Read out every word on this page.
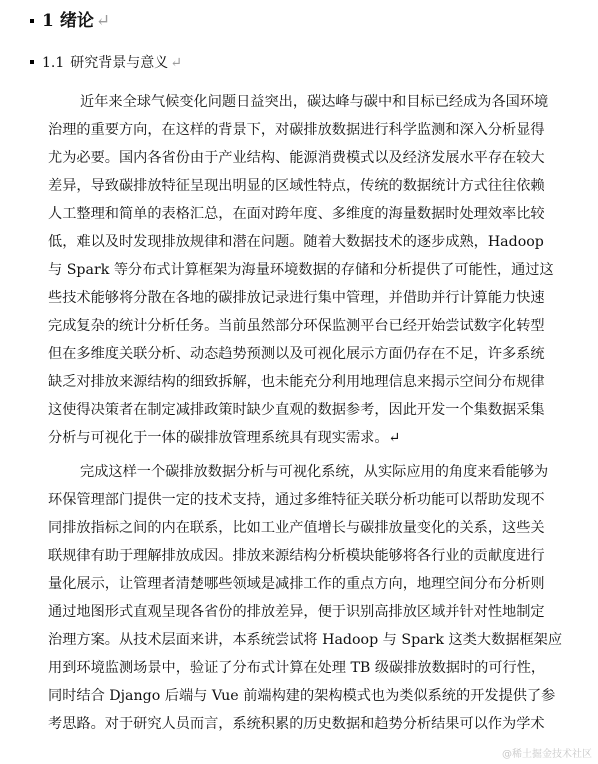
1 绪论 ↵
1.1 研究背景与意义 ↵
近年来全球气候变化问题日益突出，碳达峰与碳中和目标已经成为各国环境
治理的重要方向，在这样的背景下，对碳排放数据进行科学监测和深入分析显得
尤为必要。国内各省份由于产业结构、能源消费模式以及经济发展水平存在较大
差异，导致碳排放特征呈现出明显的区域性特点，传统的数据统计方式往往依赖
人工整理和简单的表格汇总，在面对跨年度、多维度的海量数据时处理效率比较
低，难以及时发现排放规律和潜在问题。随着大数据技术的逐步成熟，Hadoop
与 Spark 等分布式计算框架为海量环境数据的存储和分析提供了可能性，通过这
些技术能够将分散在各地的碳排放记录进行集中管理，并借助并行计算能力快速
完成复杂的统计分析任务。当前虽然部分环保监测平台已经开始尝试数字化转型
但在多维度关联分析、动态趋势预测以及可视化展示方面仍存在不足，许多系统
缺乏对排放来源结构的细致拆解，也未能充分利用地理信息来揭示空间分布规律
这使得决策者在制定减排政策时缺少直观的数据参考，因此开发一个集数据采集
分析与可视化于一体的碳排放管理系统具有现实需求。↵
完成这样一个碳排放数据分析与可视化系统，从实际应用的角度来看能够为
环保管理部门提供一定的技术支持，通过多维特征关联分析功能可以帮助发现不
同排放指标之间的内在联系，比如工业产值增长与碳排放量变化的关系，这些关
联规律有助于理解排放成因。排放来源结构分析模块能够将各行业的贡献度进行
量化展示，让管理者清楚哪些领域是减排工作的重点方向，地理空间分布分析则
通过地图形式直观呈现各省份的排放差异，便于识别高排放区域并针对性地制定
治理方案。从技术层面来讲，本系统尝试将 Hadoop 与 Spark 这类大数据框架应
用到环境监测场景中，验证了分布式计算在处理 TB 级碳排放数据时的可行性，
同时结合 Django 后端与 Vue 前端构建的架构模式也为类似系统的开发提供了参
考思路。对于研究人员而言，系统积累的历史数据和趋势分析结果可以作为学术
@稀土掘金技术社区
